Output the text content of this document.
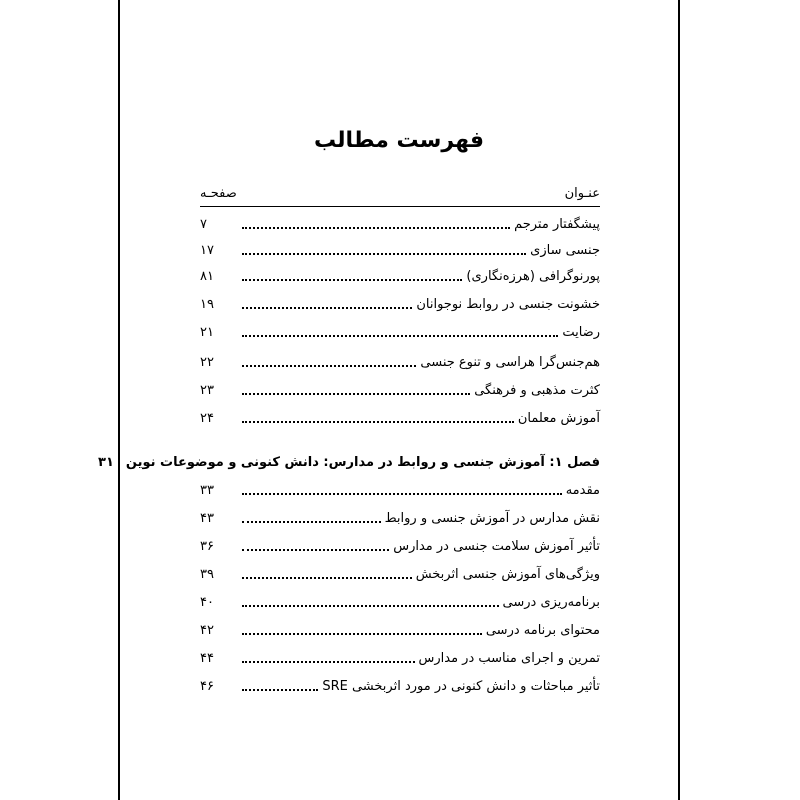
فهرست مطالب
عنـوان
صفحـه
پیشگفتار مترجم
۷
جنسی سازی
۱۷
پورنوگرافی (هرزه‌نگاری)
۸۱
خشونت جنسی در روابط نوجوانان
۱۹
رضایت
۲۱
هم‌جنس‌گرا هراسی و تنوع جنسی
۲۲
کثرت مذهبی و فرهنگی
۲۳
آموزش معلمان
۲۴
فصل ۱: آموزش جنسی و روابط در مدارس: دانش کنونی و موضوعات نوین
۳۱
مقدمه
۳۳
نقش مدارس در آموزش جنسی و روابط
۴۳
تأثیر آموزش سلامت جنسی در مدارس
۳۶
ویژگی‌های آموزش جنسی اثربخش
۳۹
برنامه‌ریزی درسی
۴۰
محتوای برنامه درسی
۴۲
تمرین و اجرای مناسب در مدارس
۴۴
تأثیر مباحثات و دانش کنونی در مورد اثربخشی SRE
۴۶
